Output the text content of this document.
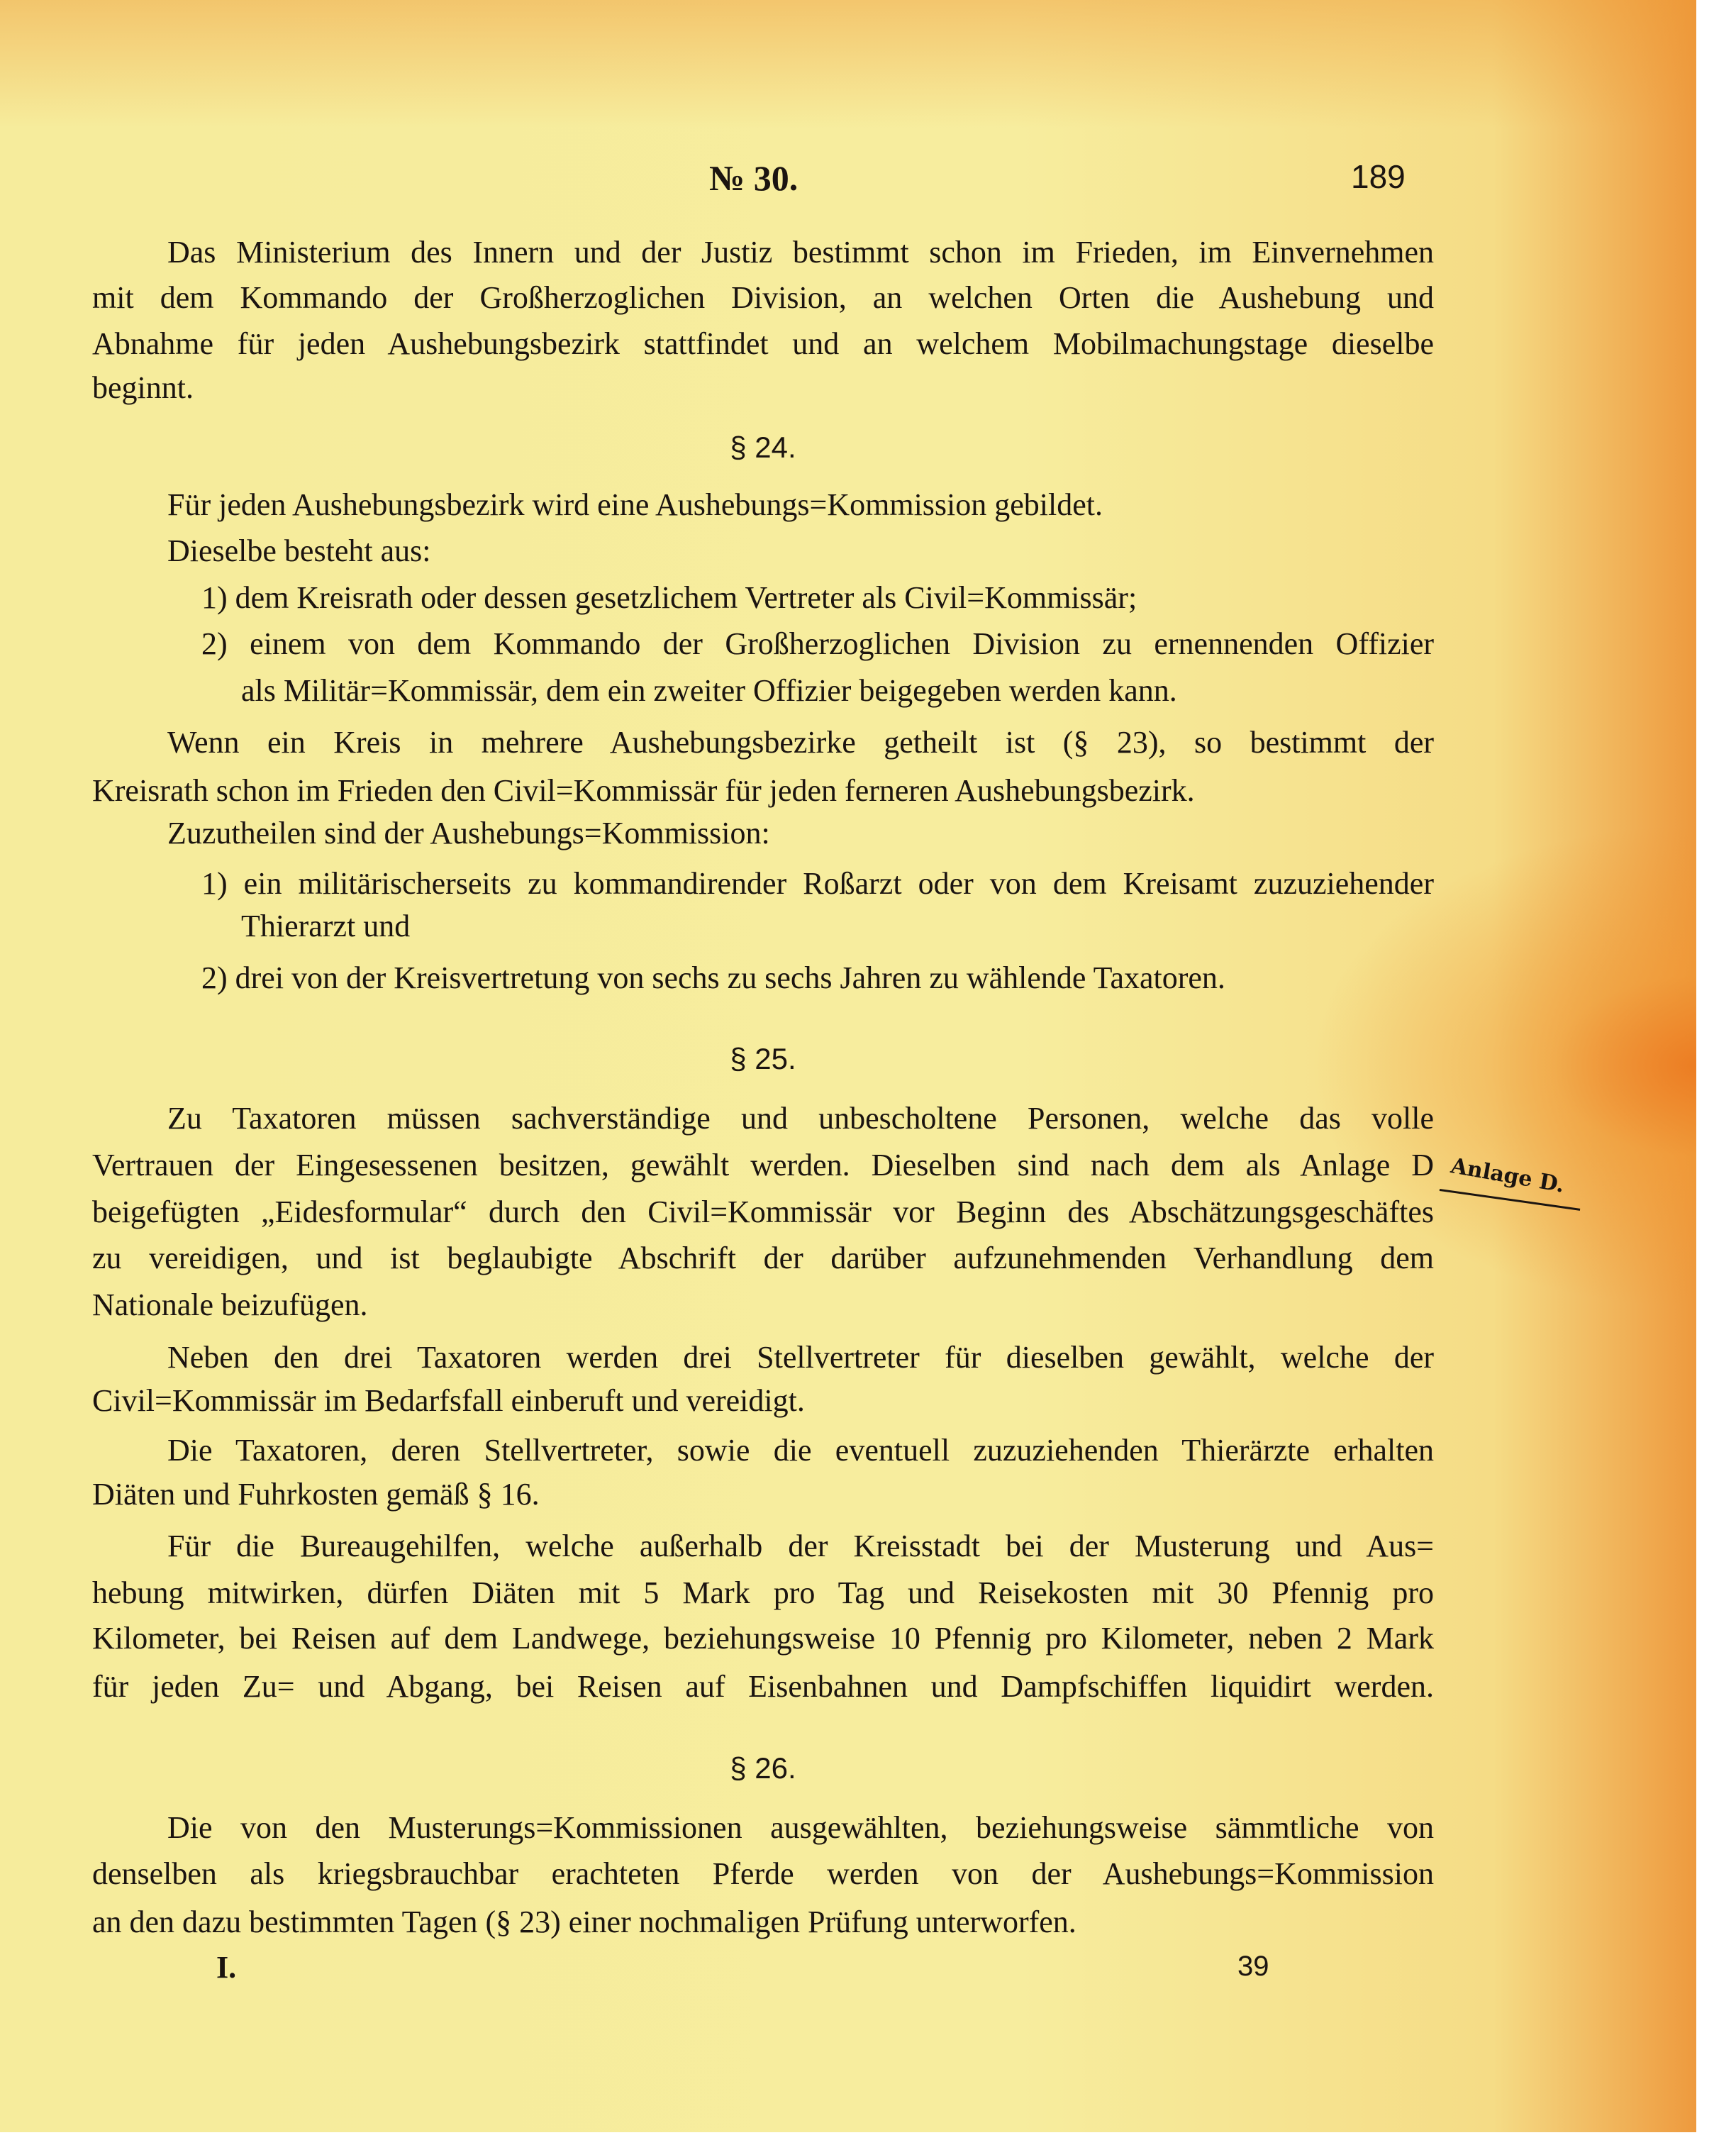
№ 30.	189
Das Ministerium des Innern und der Justiz bestimmt schon im Frieden, im Einvernehmen
mit dem Kommando der Großherzoglichen Division, an welchen Orten die Aushebung und
Abnahme für jeden Aushebungsbezirk stattfindet und an welchem Mobilmachungstage dieselbe
beginnt.
§ 24.
Für jeden Aushebungsbezirk wird eine Aushebungs=Kommission gebildet.
Dieselbe besteht aus:
1) dem Kreisrath oder dessen gesetzlichem Vertreter als Civil=Kommissär;
2) einem von dem Kommando der Großherzoglichen Division zu ernennenden Offizier
als Militär=Kommissär, dem ein zweiter Offizier beigegeben werden kann.
Wenn ein Kreis in mehrere Aushebungsbezirke getheilt ist (§ 23), so bestimmt der
Kreisrath schon im Frieden den Civil=Kommissär für jeden ferneren Aushebungsbezirk.
Zuzutheilen sind der Aushebungs=Kommission:
1) ein militärischerseits zu kommandirender Roßarzt oder von dem Kreisamt zuzuziehender
Thierarzt und
2) drei von der Kreisvertretung von sechs zu sechs Jahren zu wählende Taxatoren.
§ 25.
Zu Taxatoren müssen sachverständige und unbescholtene Personen, welche das volle
Vertrauen der Eingesessenen besitzen, gewählt werden. Dieselben sind nach dem als Anlage D
beigefügten „Eidesformular“ durch den Civil=Kommissär vor Beginn des Abschätzungsgeschäftes
zu vereidigen, und ist beglaubigte Abschrift der darüber aufzunehmenden Verhandlung dem
Nationale beizufügen.
Neben den drei Taxatoren werden drei Stellvertreter für dieselben gewählt, welche der
Civil=Kommissär im Bedarfsfall einberuft und vereidigt.
Die Taxatoren, deren Stellvertreter, sowie die eventuell zuzuziehenden Thierärzte erhalten
Diäten und Fuhrkosten gemäß § 16.
Für die Bureaugehilfen, welche außerhalb der Kreisstadt bei der Musterung und Aus=
hebung mitwirken, dürfen Diäten mit 5 Mark pro Tag und Reisekosten mit 30 Pfennig pro
Kilometer, bei Reisen auf dem Landwege, beziehungsweise 10 Pfennig pro Kilometer, neben 2 Mark
für jeden Zu= und Abgang, bei Reisen auf Eisenbahnen und Dampfschiffen liquidirt werden.
§ 26.
Die von den Musterungs=Kommissionen ausgewählten, beziehungsweise sämmtliche von
denselben als kriegsbrauchbar erachteten Pferde werden von der Aushebungs=Kommission
an den dazu bestimmten Tagen (§ 23) einer nochmaligen Prüfung unterworfen.
Anlage D.
I.	39
